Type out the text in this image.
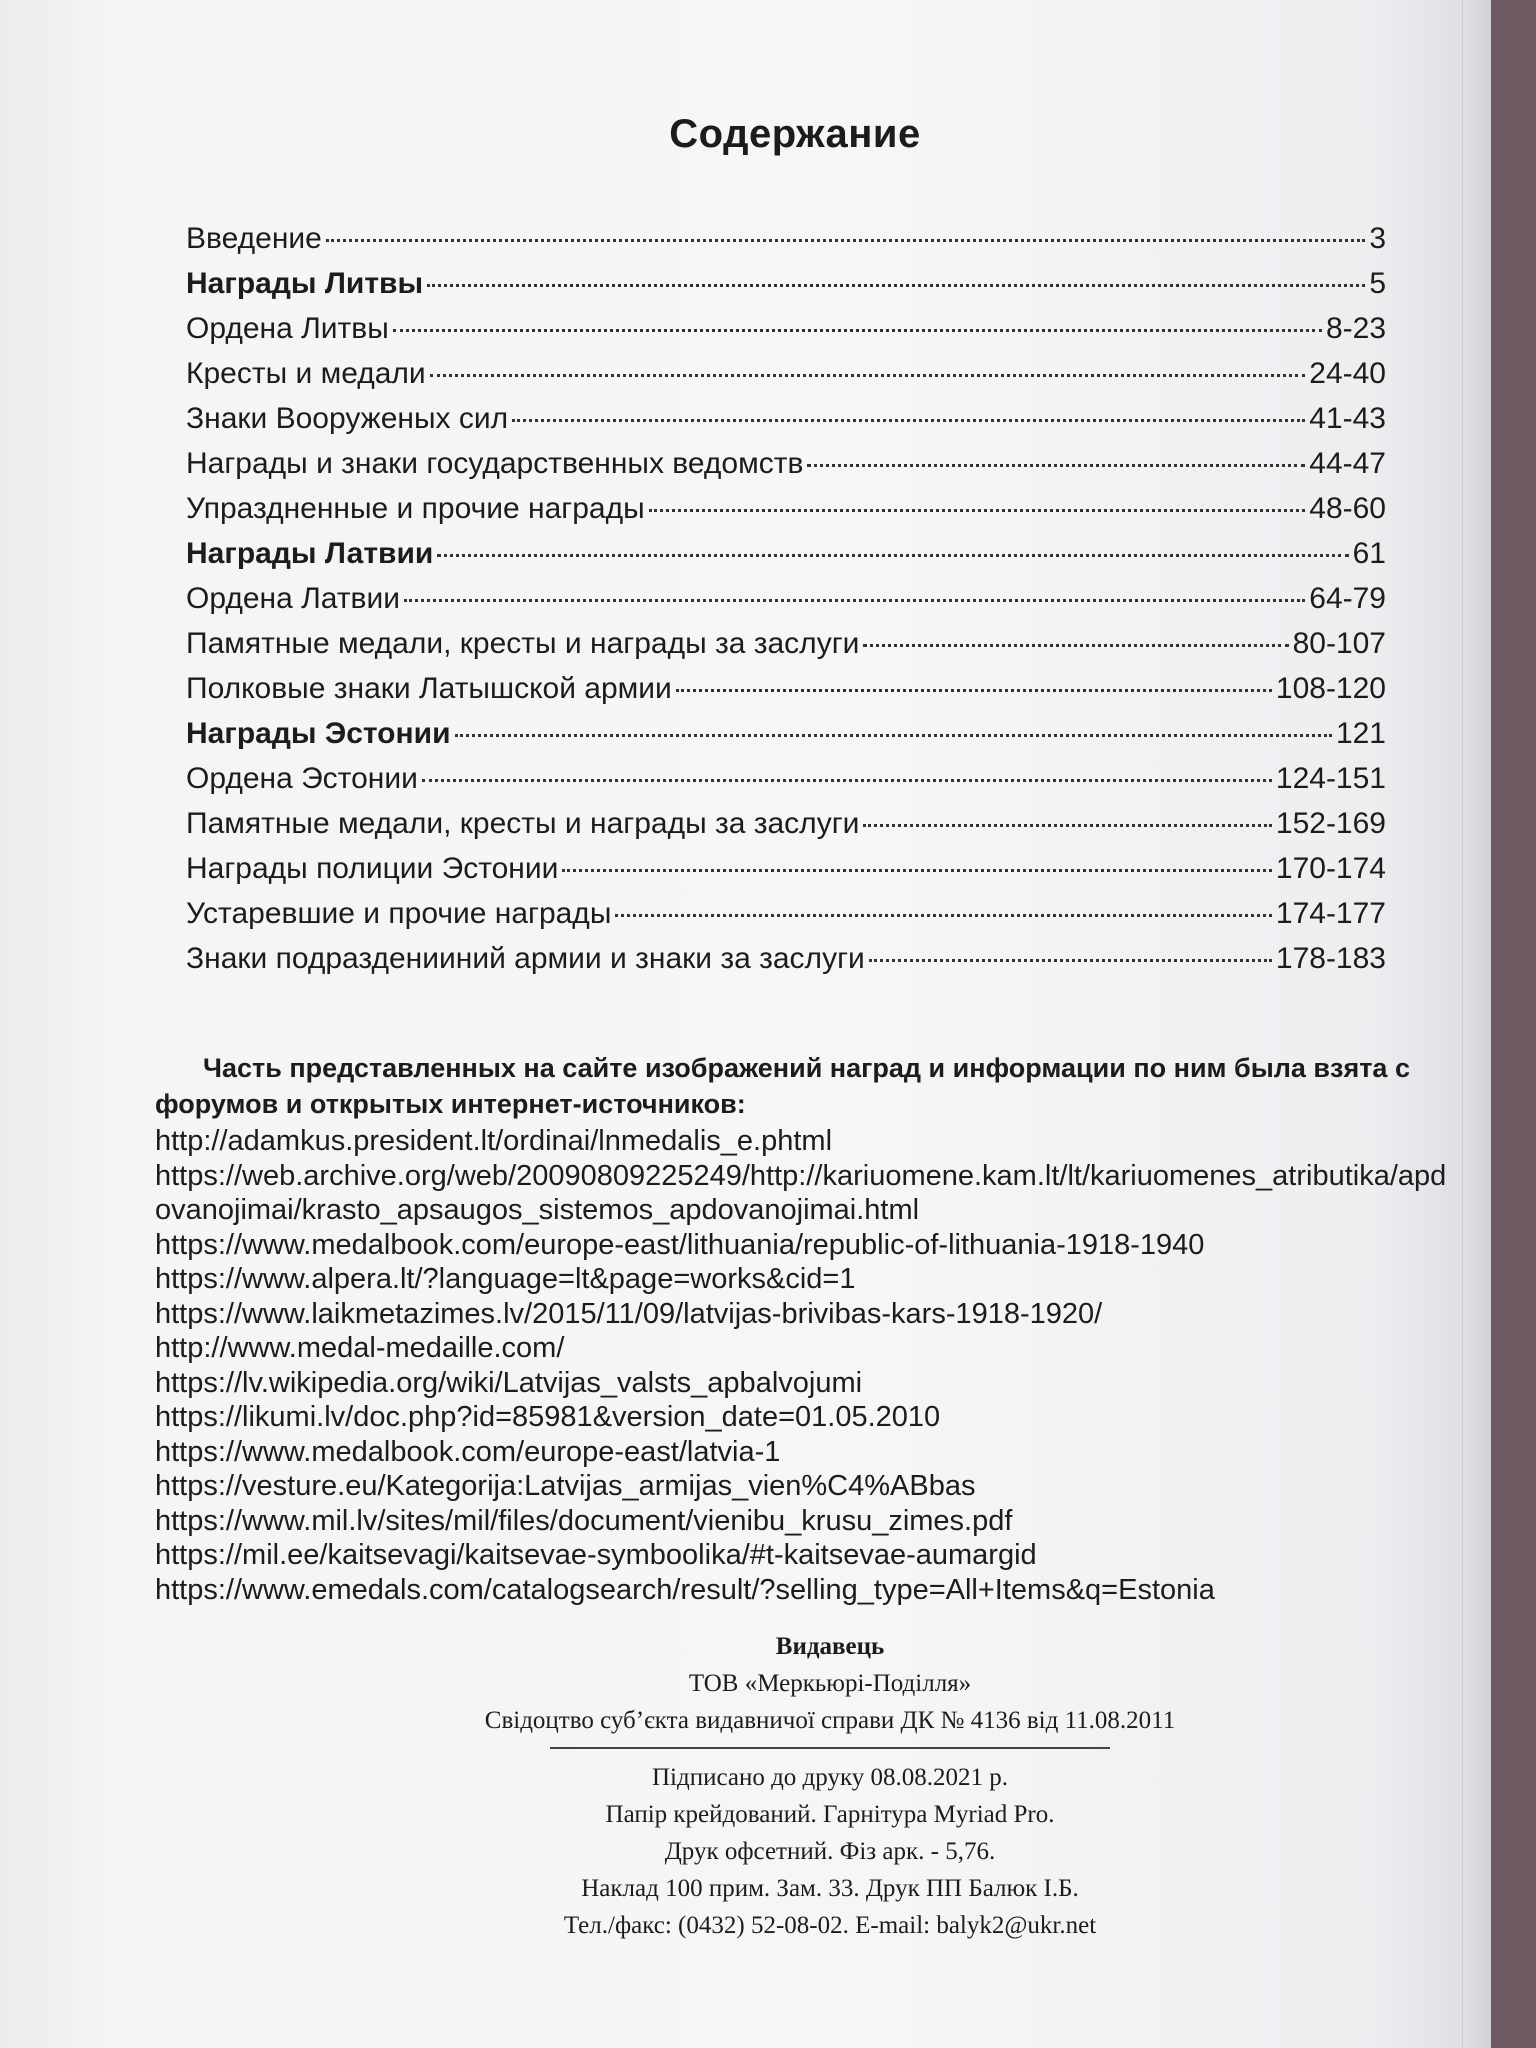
Содержание
Введение	3
Награды Литвы	5
Ордена Литвы	8-23
Кресты и медали	24-40
Знаки Вооруженых сил	41-43
Награды и знаки государственных ведомств	44-47
Упраздненные и прочие награды	48-60
Награды Латвии	61
Ордена Латвии	64-79
Памятные медали, кресты и награды за заслуги	80-107
Полковые знаки Латышской армии	108-120
Награды Эстонии	121
Ордена Эстонии	124-151
Памятные медали, кресты и награды за заслуги	152-169
Награды полиции Эстонии	170-174
Устаревшие и прочие награды	174-177
Знаки подразденииний армии и знаки за заслуги	178-183

Часть представленных на сайте изображений наград и информации по ним была взята с форумов и открытых интернет-источников:

http://adamkus.president.lt/ordinai/lnmedalis_e.phtml
https://web.archive.org/web/20090809225249/http://kariuomene.kam.lt/lt/kariuomenes_atributika/apdovanojimai/krasto_apsaugos_sistemos_apdovanojimai.html
https://www.medalbook.com/europe-east/lithuania/republic-of-lithuania-1918-1940
https://www.alpera.lt/?language=lt&page=works&cid=1
https://www.laikmetazimes.lv/2015/11/09/latvijas-brivibas-kars-1918-1920/
http://www.medal-medaille.com/
https://lv.wikipedia.org/wiki/Latvijas_valsts_apbalvojumi
https://likumi.lv/doc.php?id=85981&version_date=01.05.2010
https://www.medalbook.com/europe-east/latvia-1
https://vesture.eu/Kategorija:Latvijas_armijas_vien%C4%ABbas
https://www.mil.lv/sites/mil/files/document/vienibu_krusu_zimes.pdf
https://mil.ee/kaitsevagi/kaitsevae-symboolika/#t-kaitsevae-aumargid
https://www.emedals.com/catalogsearch/result/?selling_type=All+Items&q=Estonia
Видавець
ТОВ «Меркьюрі-Поділля»
Свідоцтво суб’єкта видавничої справи ДК № 4136 від 11.08.2011
Підписано до друку 08.08.2021 р.
Папір крейдований. Гарнітура Myriad Pro.
Друк офсетний. Фіз арк. - 5,76.
Наклад 100 прим. Зам. 33. Друк ПП Балюк І.Б.
Тел./факс: (0432) 52-08-02. E-mail: balyk2@ukr.net
